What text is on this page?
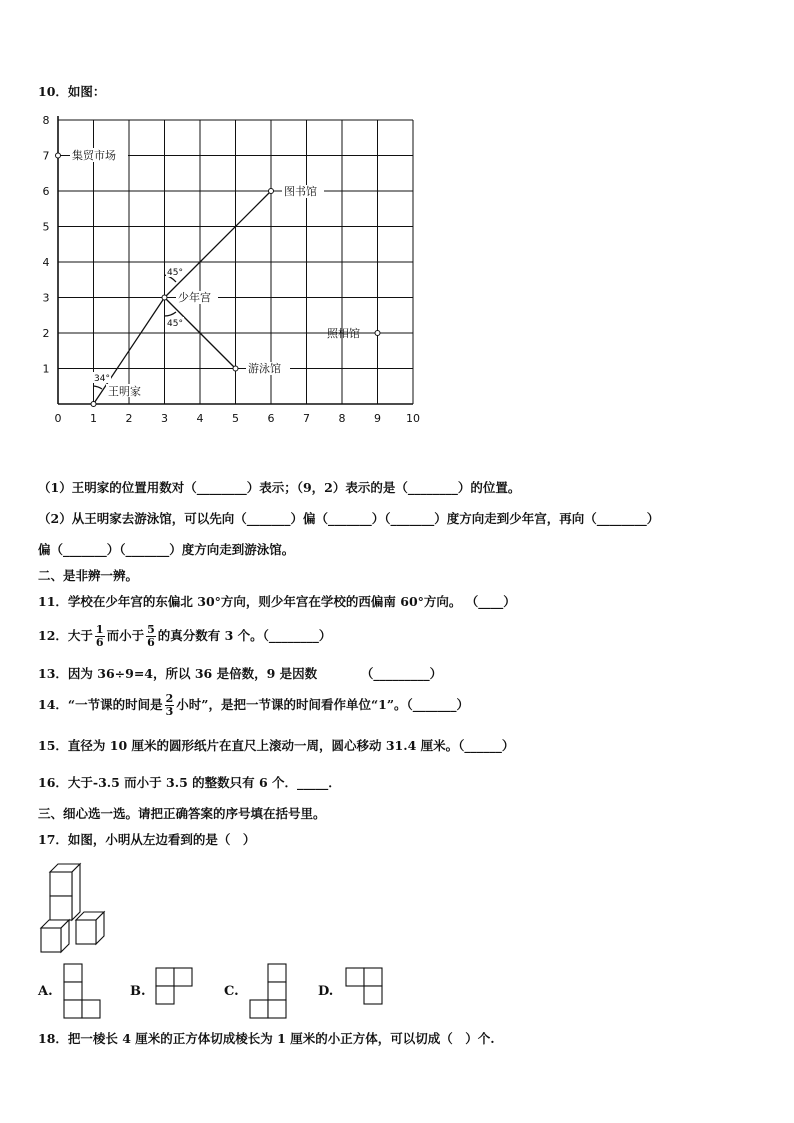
10．如图：
0	1	2	3	4	5	6	7	8	9 10
1
2
3
4
5
6
7
8
集贸市场
图书馆
少年宫
照相馆
游泳馆
王明家
45°
45°
34°
（1）王明家的位置用数对（________）表示；（9，2）表示的是（________）的位置。
（2）从王明家去游泳馆，可以先向（_______）偏（_______）（_______）度方向走到少年宫，再向（________）
偏（_______）（_______）度方向走到游泳馆。
二、是非辨一辨。
11．学校在少年宫的东偏北 30°方向，则少年宫在学校的西偏南 60°方向。 （____）
12．大于 $\frac{1}{6}$ 而小于 $\frac{5}{6}$ 的真分数有 3 个。（________）
13．因为 36÷9=4，所以 36 是倍数，9 是因数　　　　（_________）
14．“一节课的时间是 $\frac{2}{3}$ 小时”，是把一节课的时间看作单位“1”。（_______）
15．直径为 10 厘米的圆形纸片在直尺上滚动一周，圆心移动 31.4 厘米。（______）
16．大于-3.5 而小于 3.5 的整数只有 6 个．_____．
三、细心选一选。请把正确答案的序号填在括号里。
17．如图，小明从左边看到的是（　）
A.	B.	C.	D.
18．把一棱长 4 厘米的正方体切成棱长为 1 厘米的小正方体，可以切成（　）个.
